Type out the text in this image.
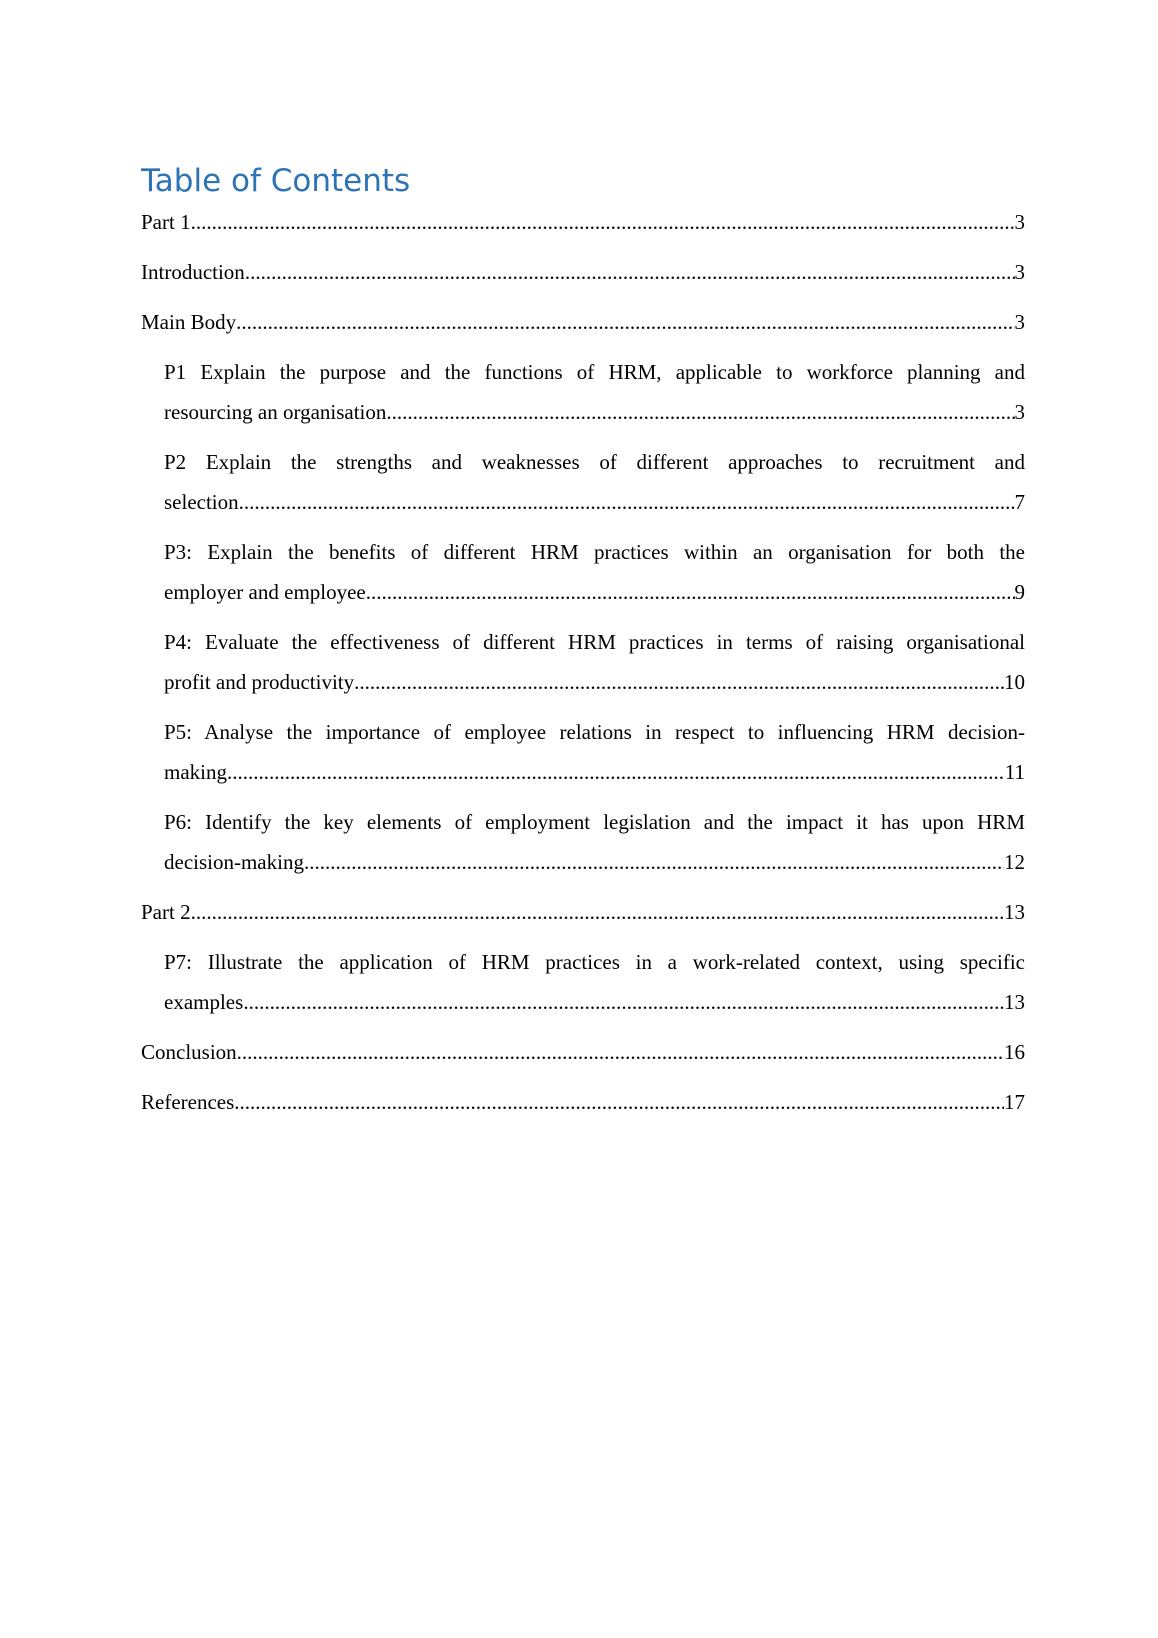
Table of Contents
Part 1 .....	3
Introduction .....	3
Main Body .....	3
P1 Explain the purpose and the functions of HRM, applicable to workforce planning and
resourcing an organisation .....	3
P2 Explain the strengths and weaknesses of different approaches to recruitment and
selection .....	7
P3: Explain the benefits of different HRM practices within an organisation for both the
employer and employee .....	9
P4: Evaluate the effectiveness of different HRM practices in terms of raising organisational
profit and productivity .....	10
P5: Analyse the importance of employee relations in respect to influencing HRM decision-
making .....	11
P6: Identify the key elements of employment legislation and the impact it has upon HRM
decision-making .....	12
Part 2 .....	13
P7: Illustrate the application of HRM practices in a work-related context, using specific
examples .....	13
Conclusion .....	16
References .....	17
